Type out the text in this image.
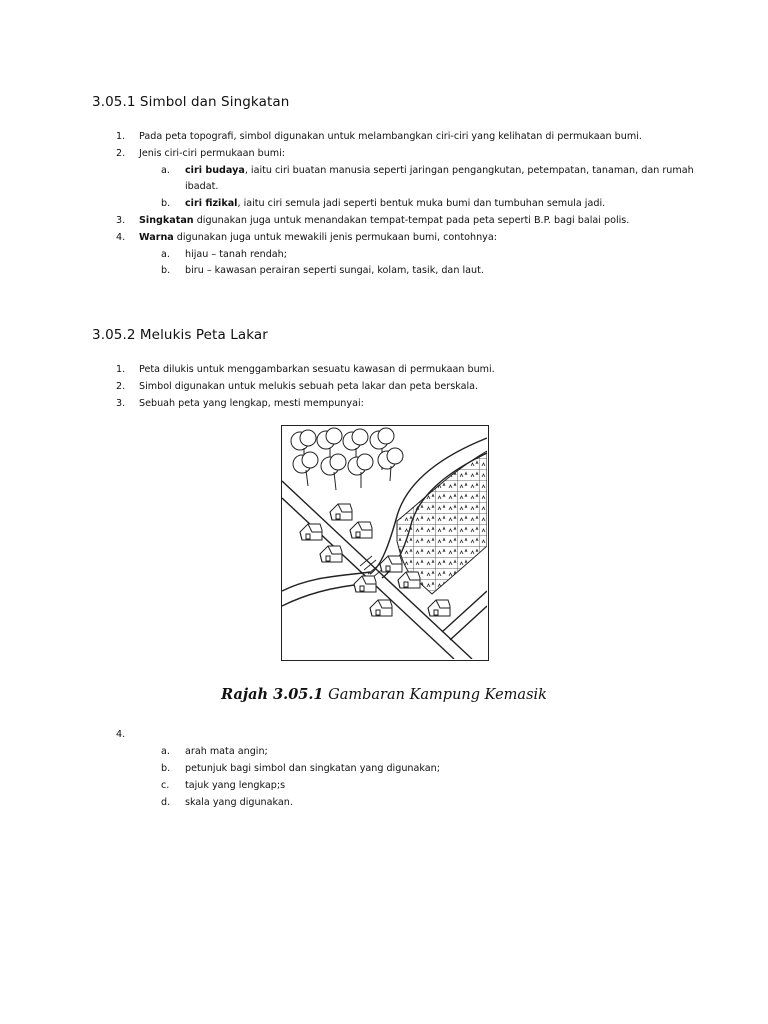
3.05.1 Simbol dan Singkatan
1. Pada peta topografi, simbol digunakan untuk melambangkan ciri-ciri yang kelihatan di permukaan bumi.
2. Jenis ciri-ciri permukaan bumi:
a. ciri budaya, iaitu ciri buatan manusia seperti jaringan pengangkutan, petempatan, tanaman, dan rumah
ibadat.
b. ciri fizikal, iaitu ciri semula jadi seperti bentuk muka bumi dan tumbuhan semula jadi.
3. Singkatan digunakan juga untuk menandakan tempat-tempat pada peta seperti B.P. bagi balai polis.
4. Warna digunakan juga untuk mewakili jenis permukaan bumi, contohnya:
a. hijau – tanah rendah;
b. biru – kawasan perairan seperti sungai, kolam, tasik, dan laut.
3.05.2 Melukis Peta Lakar
1. Peta dilukis untuk menggambarkan sesuatu kawasan di permukaan bumi.
2. Simbol digunakan untuk melukis sebuah peta lakar dan peta berskala.
3. Sebuah peta yang lengkap, mesti mempunyai:
Rajah 3.05.1 Gambaran Kampung Kemasik
4.
a. arah mata angin;
b. petunjuk bagi simbol dan singkatan yang digunakan;
c. tajuk yang lengkap;s
d. skala yang digunakan.
